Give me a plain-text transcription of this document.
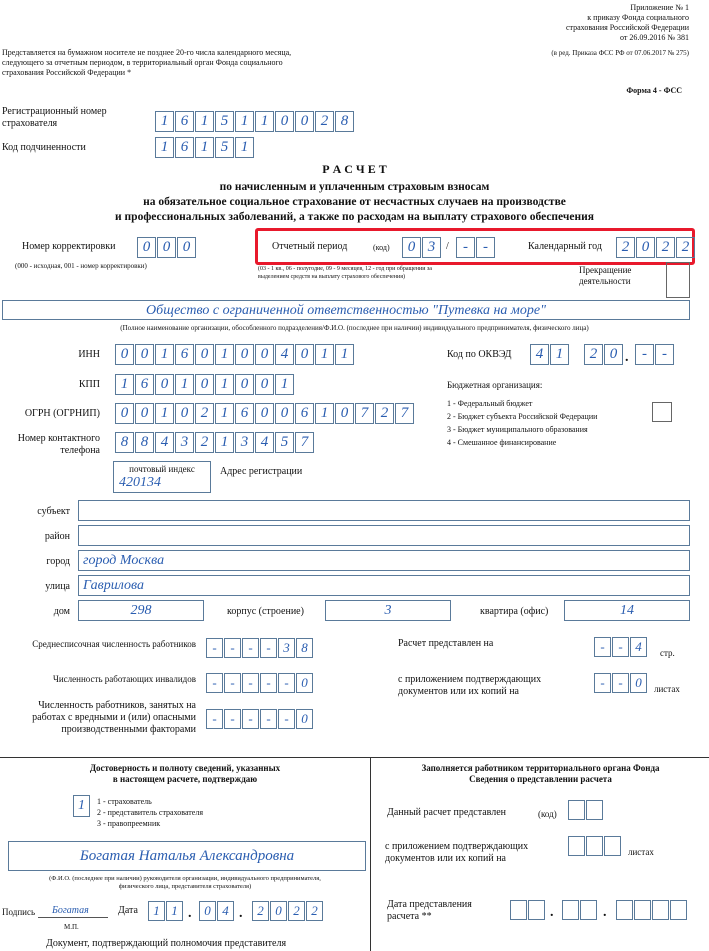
Приложение № 1
к приказу Фонда социального
страхования Российской Федерации
от 26.09.2016 № 381
(в ред. Приказа ФСС РФ от 07.06.2017 № 275)
Представляется на бумажном носителе не позднее 20-го числа календарного месяца,
следующего за отчетным периодом, в территориальный орган Фонда социального
страхования Российской Федерации *
Форма 4 - ФСС
Регистрационный номер
страхователя	1 6 1 5 1 1 0 0 2 8
Код подчиненности	1 6 1 5 1
Р А С Ч Е Т
по начисленным и уплаченным страховым взносам
на обязательное социальное страхование от несчастных случаев на производстве
и профессиональных заболеваний, а также по расходам на выплату страхового обеспечения
Номер корректировки	0 0 0
(000 - исходная, 001 - номер корректировки)
Отчетный период	(код)	0 3	/ -	-	Календарный год	2 0 2 2
(03 - 1 кв., 06 - полугодие, 09 - 9 месяцев, 12 - год при обращении за
выделением средств на выплату страхового обеспечения)
Прекращение
деятельности
Общество с ограниченной ответственностью "Путевка на море"
(Полное наименование организации, обособленного подразделения/Ф.И.О. (последнее при наличии) индивидуального предпринимателя, физического лица)
ИНН	0 0 1 6 0 1 0 0 4 0 1 1	Код по ОКВЭД	4 1	2 0 . -	-
КПП	1 6 0 1 0 1 0 0 1	Бюджетная организация:
1 - Федеральный бюджет
2 - Бюджет субъекта Российской Федерации
3 - Бюджет муниципального образования
4 - Смешанное финансирование
ОГРН (ОГРНИП)	0 0 1 0 2 1 6 0 0 6 1 0 7 2 7
Номер контактного
телефона
8 8 4 3 2 1 3 4 5 7
почтовый индекс
420134
Адрес регистрации
субъект
район
город город Москва
улица Гаврилова
дом	298	корпус (строение)	3	квартира (офис)	14
Среднесписочная численность работников	-	-	-	- 3 8
Численность работающих инвалидов	-	-	-	-	- 0
Численность работников, занятых на
работах с вредными и (или) опасными
производственными факторами
-	-	-	-	- 0
Расчет представлен на	-	- 4	стр.
с приложением подтверждающих
документов или их копий на
-	- 0	листах
Достоверность и полноту сведений, указанных
в настоящем расчете, подтверждаю
1	1 - страхователь
2 - представитель страхователя
3 - правопреемник
Богатая Наталья Александровна
(Ф.И.О. (последнее при наличии) руководителя организации, индивидуального предпринимателя,
физического лица, представителя страхователя)
Подпись Богатая
М.П.
Дата	1 1 . 0 4 .	2 0 2 2
Документ, подтверждающий полномочия представителя
Заполняется работником территориального органа Фонда
Сведения о представлении расчета
Данный расчет представлен	(код)
с приложением подтверждающих
документов или их копий на
листах
Дата представления
расчета **	.	.
